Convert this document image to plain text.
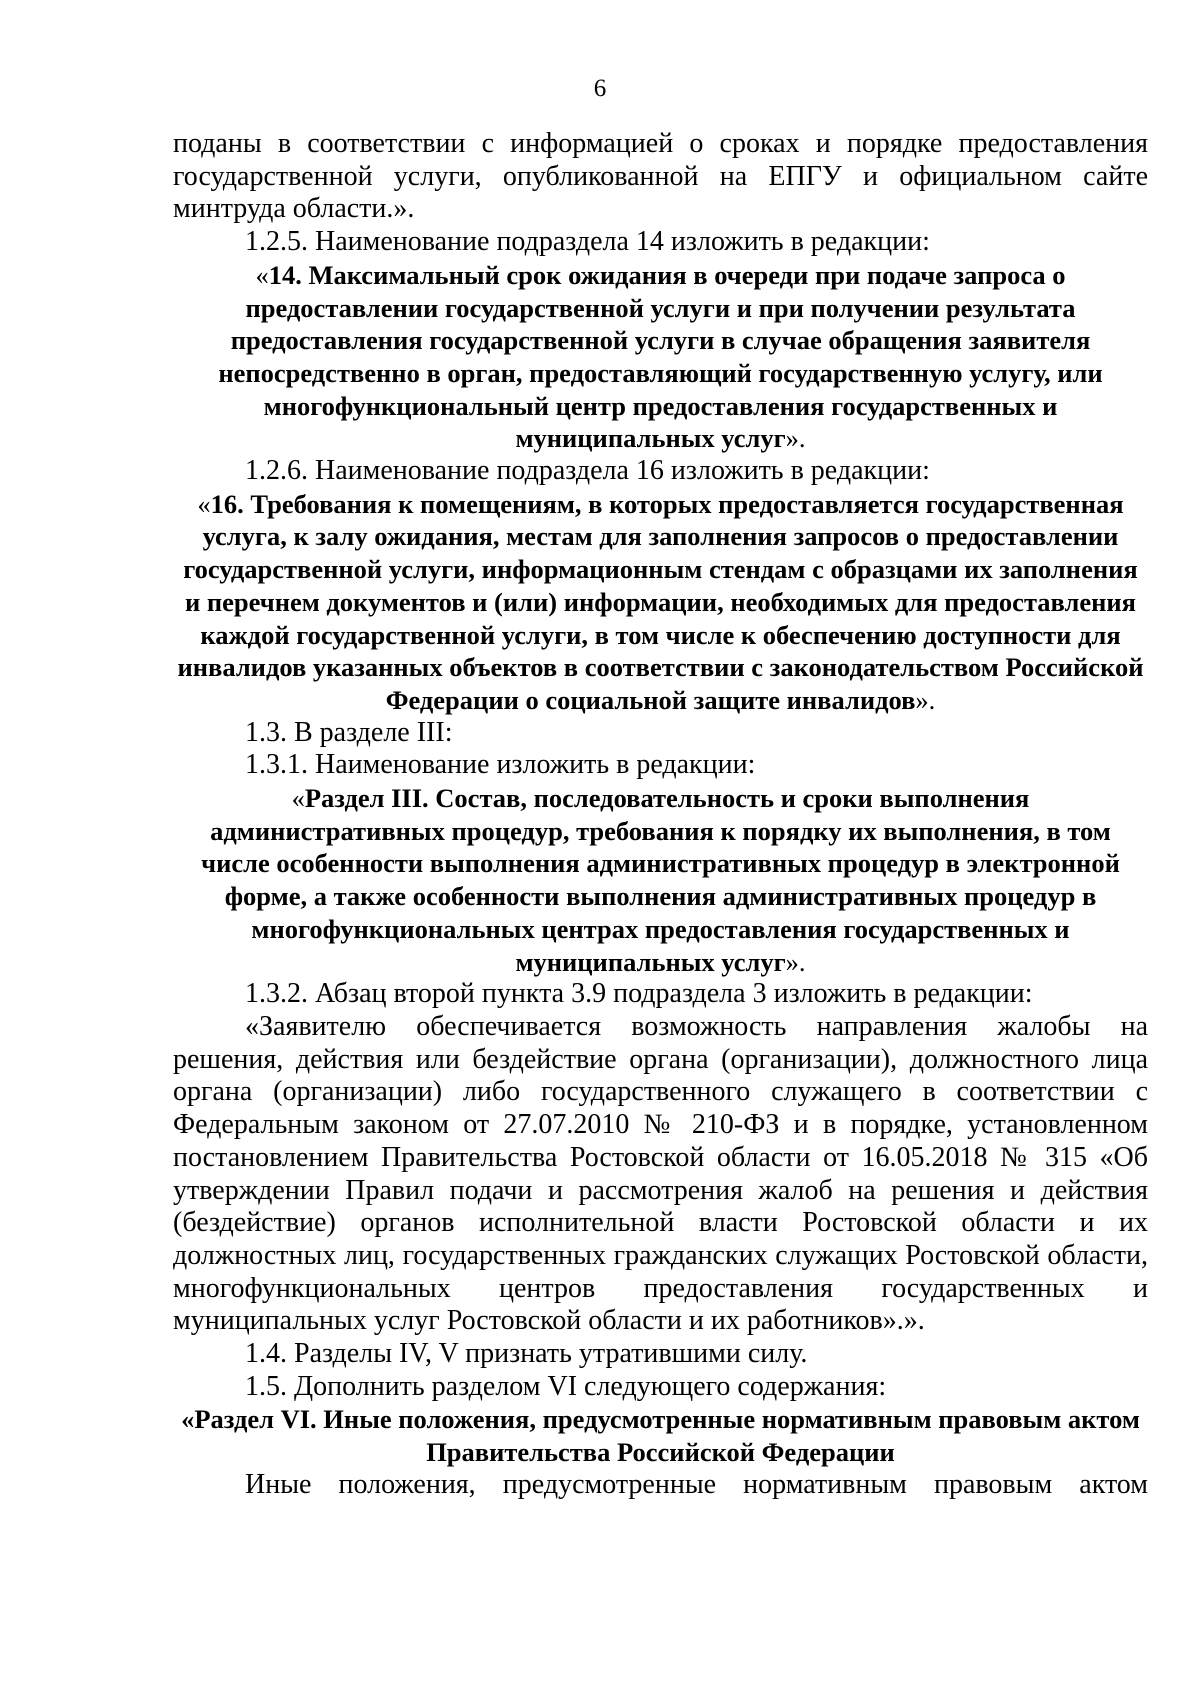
6

поданы в соответствии с информацией о сроках и порядке предоставления государственной услуги, опубликованной на ЕПГУ и официальном сайте минтруда области.».

1.2.5. Наименование подраздела 14 изложить в редакции:

«14. Максимальный срок ожидания в очереди при подаче запроса о предоставлении государственной услуги и при получении результата предоставления государственной услуги в случае обращения заявителя непосредственно в орган, предоставляющий государственную услугу, или многофункциональный центр предоставления государственных и муниципальных услуг».

1.2.6. Наименование подраздела 16 изложить в редакции:

«16. Требования к помещениям, в которых предоставляется государственная услуга, к залу ожидания, местам для заполнения запросов о предоставлении государственной услуги, информационным стендам с образцами их заполнения и перечнем документов и (или) информации, необходимых для предоставления каждой государственной услуги, в том числе к обеспечению доступности для инвалидов указанных объектов в соответствии с законодательством Российской Федерации о социальной защите инвалидов».

1.3. В разделе III:

1.3.1. Наименование изложить в редакции:

«Раздел III. Состав, последовательность и сроки выполнения административных процедур, требования к порядку их выполнения, в том числе особенности выполнения административных процедур в электронной форме, а также особенности выполнения административных процедур в многофункциональных центрах предоставления государственных и муниципальных услуг».

1.3.2. Абзац второй пункта 3.9 подраздела 3 изложить в редакции:

«Заявителю обеспечивается возможность направления жалобы на решения, действия или бездействие органа (организации), должностного лица органа (организации) либо государственного служащего в соответствии с Федеральным законом от 27.07.2010 № 210-ФЗ и в порядке, установленном постановлением Правительства Ростовской области от 16.05.2018 № 315 «Об утверждении Правил подачи и рассмотрения жалоб на решения и действия (бездействие) органов исполнительной власти Ростовской области и их должностных лиц, государственных гражданских служащих Ростовской области, многофункциональных центров предоставления государственных и муниципальных услуг Ростовской области и их работников».».

1.4. Разделы IV, V признать утратившими силу.

1.5. Дополнить разделом VI следующего содержания:

«Раздел VI. Иные положения, предусмотренные нормативным правовым актом Правительства Российской Федерации

Иные положения, предусмотренные нормативным правовым актом
